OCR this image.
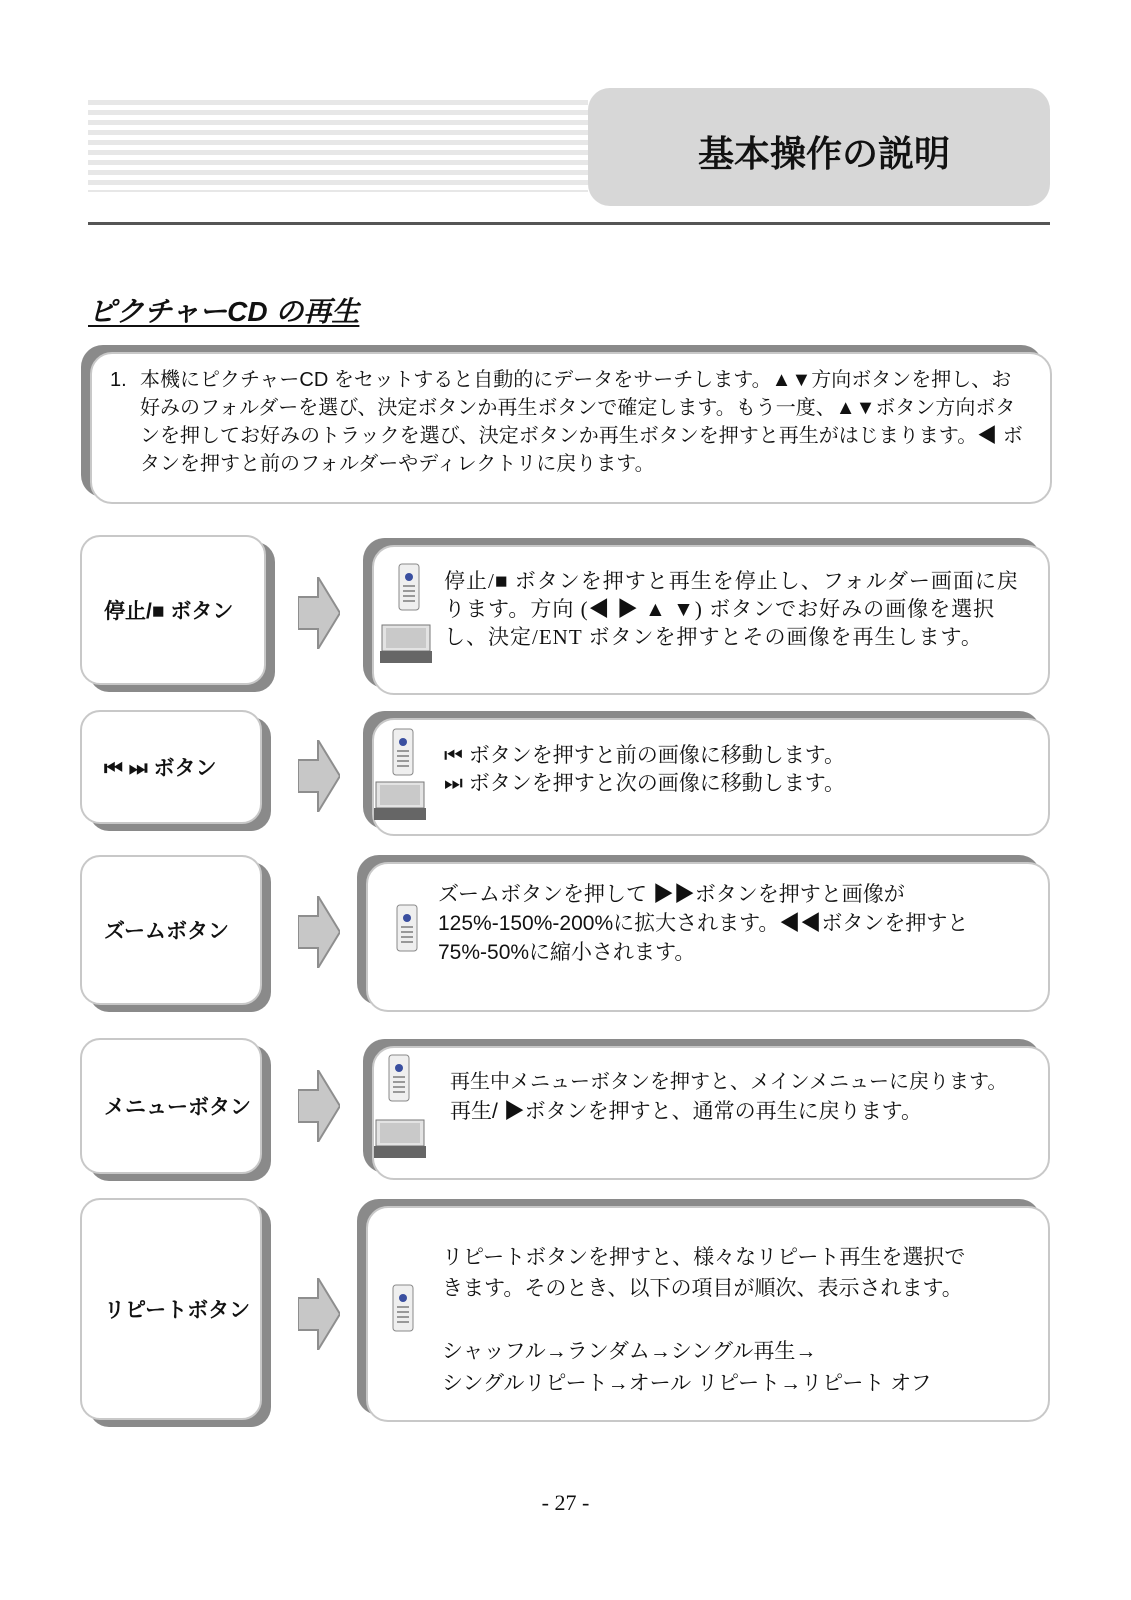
基本操作の説明
ピクチャーCD の再生
1. 本機にピクチャーCD をセットすると自動的にデータをサーチします。▲▼方向ボタンを押し、お好みのフォルダーを選び、決定ボタンか再生ボタンで確定します。もう一度、▲▼ボタン方向ボタンを押してお好みのトラックを選び、決定ボタンか再生ボタンを押すと再生がはじまります。◀ ボタンを押すと前のフォルダーやディレクトリに戻ります。
停止/■ ボタン
停止/■ ボタンを押すと再生を停止し、フォルダー画面に戻ります。方向 (◀ ▶ ▲ ▼) ボタンでお好みの画像を選択し、決定/ENT ボタンを押すとその画像を再生します。
⏮ ⏭ ボタン
⏮ ボタンを押すと前の画像に移動します。
⏭ ボタンを押すと次の画像に移動します。
ズームボタン
ズームボタンを押して ▶▶ボタンを押すと画像が 125%-150%-200%に拡大されます。◀◀ボタンを押すと 75%-50%に縮小されます。
メニューボタン
再生中メニューボタンを押すと、メインメニューに戻ります。
再生/ ▶ボタンを押すと、通常の再生に戻ります。
リピートボタン
リピートボタンを押すと、様々なリピート再生を選択できます。そのとき、以下の項目が順次、表示されます。
シャッフル→ランダム→シングル再生→
シングルリピート→オール リピート→リピート オフ
- 27 -
